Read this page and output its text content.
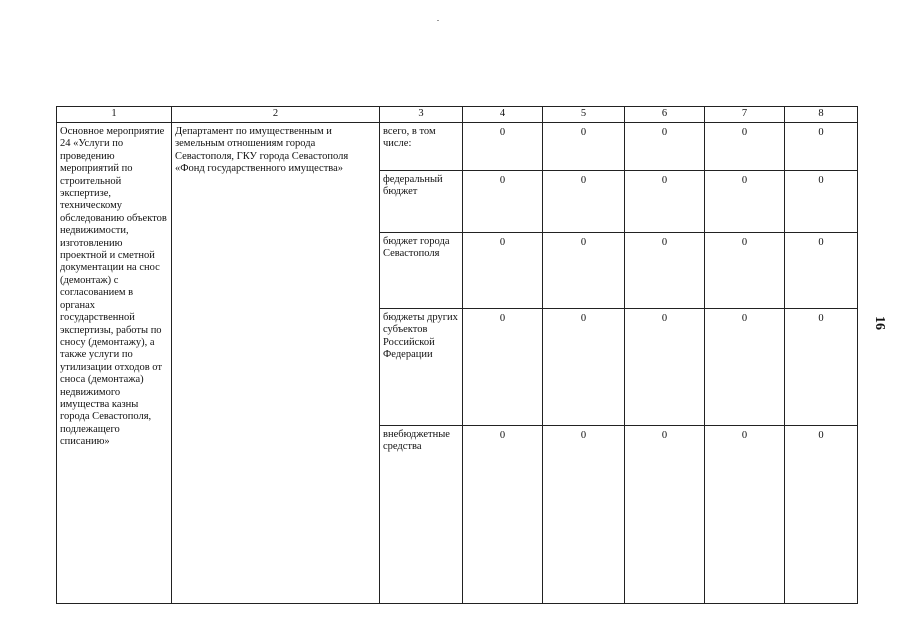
1	2	3	4	5	6	7	8
Основное мероприятие 24 «Услуги по проведению мероприятий по строительной экспертизе, техническому обследованию объектов недвижимости, изготовлению проектной и сметной документации на снос (демонтаж) с согласованием в органах государственной экспертизы, работы по сносу (демонтажу), а также услуги по утилизации отходов от сноса (демонтажа) недвижимого имущества казны города Севастополя, подлежащего списанию»	Департамент по имущественным и земельным отношениям города Севастополя, ГКУ города Севастополя «Фонд государственного имущества»	всего, в том числе:	0	0	0	0	0
		федеральный бюджет	0	0	0	0	0
		бюджет города Севастополя	0	0	0	0	0
		бюджеты других субъектов Российской Федерации	0	0	0	0	0
		внебюджетные средства	0	0	0	0	0
16
